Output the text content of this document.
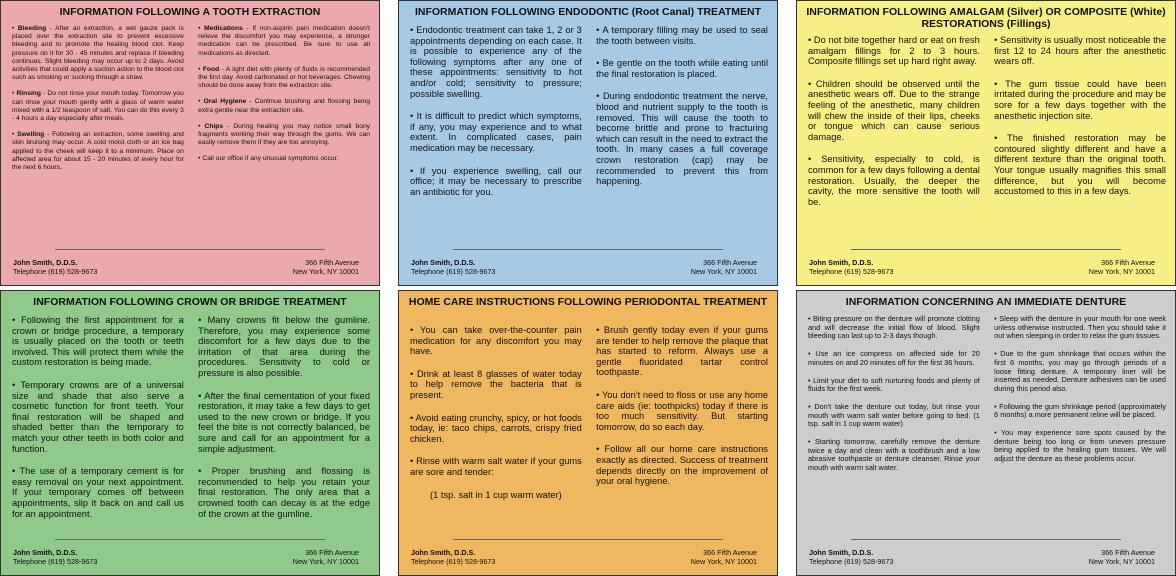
INFORMATION FOLLOWING A TOOTH EXTRACTION

• Bleeding - After an extraction, a wet gauze pack is placed over the extraction site to prevent excessive bleeding and to promote the healing blood clot. Keep pressure on it for 30 - 45 minutes and replace if bleeding continues. Slight bleeding may occur up to 2 days. Avoid activities that could apply a suction action to the blood clot such as smoking or sucking through a straw.

• Rinsing - Do not rinse your mouth today. Tomorrow you can rinse your mouth gently with a glass of warm water mixed with a 1/2 teaspoon of salt. You can do this every 3 - 4 hours a day especially after meals.

• Swelling - Following an extraction, some swelling and skin bruising may occur. A cold moist cloth or an ice bag applied to the cheek will keep it to a minimum. Place on affected area for about 15 - 20 minutes of every hour for the next 6 hours.

• Medications - If non-aspirin pain medication doesn't relieve the discomfort you may experience, a stronger medication can be prescribed. Be sure to use all medications as directed.

• Food - A light diet with plenty of fluids is recommended the first day. Avoid carbonated or hot beverages. Chewing should be done away from the extraction site.

• Oral Hygiene - Continue brushing and flossing being extra gentle near the extraction site.

• Chips - During healing you may notice small bony fragments working their way through the gums. We can easily remove them if they are too annoying.

• Call our office if any unusual symptoms occur.

John Smith, D.D.S.
Telephone (619) 528-9673
366 Fifth Avenue
New York, NY 10001
INFORMATION FOLLOWING ENDODONTIC (Root Canal) TREATMENT

• Endodontic treatment can take 1, 2 or 3 appointments depending on each case. It is possible to experience any of the following symptoms after any one of these appointments: sensitivity to hot and/or cold; sensitivity to pressure; possible swelling.

• It is difficult to predict which symptoms, if any, you may experience and to what extent. In complicated cases, pain medication may be necessary.

• If you experience swelling, call our office; it may be necessary to prescribe an antibiotic for you.

• A temporary filling may be used to seal the tooth between visits.

• Be gentle on the tooth while eating until the final restoration is placed.

• During endodontic treatment the nerve, blood and nutrient supply to the tooth is removed. This will cause the tooth to become brittle and prone to fracturing which can result in the need to extract the tooth. In many cases a full coverage crown restoration (cap) may be recommended to prevent this from happening.

John Smith, D.D.S.
Telephone (619) 528-9673
366 Fifth Avenue
New York, NY 10001
INFORMATION FOLLOWING AMALGAM (Silver) OR COMPOSITE (White) RESTORATIONS (Fillings)

• Do not bite together hard or eat on fresh amalgam fillings for 2 to 3 hours. Composite fillings set up hard right away.

• Children should be observed until the anesthetic wears off. Due to the strange feeling of the anesthetic, many children will chew the inside of their lips, cheeks or tongue which can cause serious damage.

• Sensitivity, especially to cold, is common for a few days following a dental restoration. Usually, the deeper the cavity, the more sensitive the tooth will be.

• Sensitivity is usually most noticeable the first 12 to 24 hours after the anesthetic wears off.

• The gum tissue could have been irritated during the procedure and may be sore for a few days together with the anesthetic injection site.

• The finished restoration may be contoured slightly different and have a different texture than the original tooth. Your tongue usually magnifies this small difference, but you will become accustomed to this in a few days.

John Smith, D.D.S.
Telephone (619) 528-9673
366 Fifth Avenue
New York, NY 10001
INFORMATION FOLLOWING CROWN OR BRIDGE TREATMENT

• Following the first appointment for a crown or bridge procedure, a temporary is usually placed on the tooth or teeth involved. This will protect them while the custom restoration is being made.

• Temporary crowns are of a universal size and shade that also serve a cosmetic function for front teeth. Your final restoration will be shaped and shaded better than the temporary to match your other teeth in both color and function.

• The use of a temporary cement is for easy removal on your next appointment. If your temporary comes off between appointments, slip it back on and call us for an appointment.

• Many crowns fit below the gumline. Therefore, you may experience some discomfort for a few days due to the irritation of that area during the procedures. Sensitivity to cold or pressure is also possible.

• After the final cementation of your fixed restoration, it may take a few days to get used to the new crown or bridge. If you feel the bite is not correctly balanced, be sure and call for an appointment for a simple adjustment.

• Proper brushing and flossing is recommended to help you retain your final restoration. The only area that a crowned tooth can decay is at the edge of the crown at the gumline.

John Smith, D.D.S.
Telephone (619) 528-9673
366 Fifth Avenue
New York, NY 10001
HOME CARE INSTRUCTIONS FOLLOWING PERIODONTAL TREATMENT

• You can take over-the-counter pain medication for any discomfort you may have.

• Drink at least 8 glasses of water today to help remove the bacteria that is present.

• Avoid eating crunchy, spicy, or hot foods today, ie: taco chips, carrots, crispy fried chicken.

• Rinse with warm salt water if your gums are sore and tender:

(1 tsp. salt in 1 cup warm water)

• Brush gently today even if your gums are tender to help remove the plaque that has started to reform. Always use a gentle fluoridated tartar control toothpaste.

• You don't need to floss or use any home care aids (ie: toothpicks) today if there is too much sensitivity. But starting tomorrow, do so each day.

• Follow all our home care instructions exactly as directed. Success of treatment depends directly on the improvement of your oral hygiene.

John Smith, D.D.S.
Telephone (619) 528-9673
366 Fifth Avenue
New York, NY 10001
INFORMATION CONCERNING AN IMMEDIATE DENTURE

• Biting pressure on the denture will promote clotting and will decrease the initial flow of blood. Slight bleeding can last up to 2-3 days though.

• Use an ice compress on affected side for 20 minutes on and 20 minutes off for the first 36 hours.

• Limit your diet to soft nurturing foods and plenty of fluids for the first week.

• Don't take the denture out today, but rinse your mouth with warm salt water before going to bed. (1 tsp. salt in 1 cup warm water)

• Starting tomorrow, carefully remove the denture twice a day and clean with a toothbrush and a low abrasive toothpaste or denture cleanser. Rinse your mouth with warm salt water.

• Sleep with the denture in your mouth for one week unless otherwise instructed. Then you should take it out when sleeping in order to relax the gum tissues.

• Due to the gum shrinkage that occurs within the first 6 months, you may go through periods of a loose fitting denture. A temporary liner will be inserted as needed. Denture adhesives can be used during this period also.

• Following the gum shrinkage period (approximately 6 months) a more permanent reline will be placed.

• You may experience sore spots caused by the denture being too long or from uneven pressure being applied to the healing gum tissues. We will adjust the denture as these problems occur.

John Smith, D.D.S.
Telephone (619) 528-9673
366 Fifth Avenue
New York, NY 10001
